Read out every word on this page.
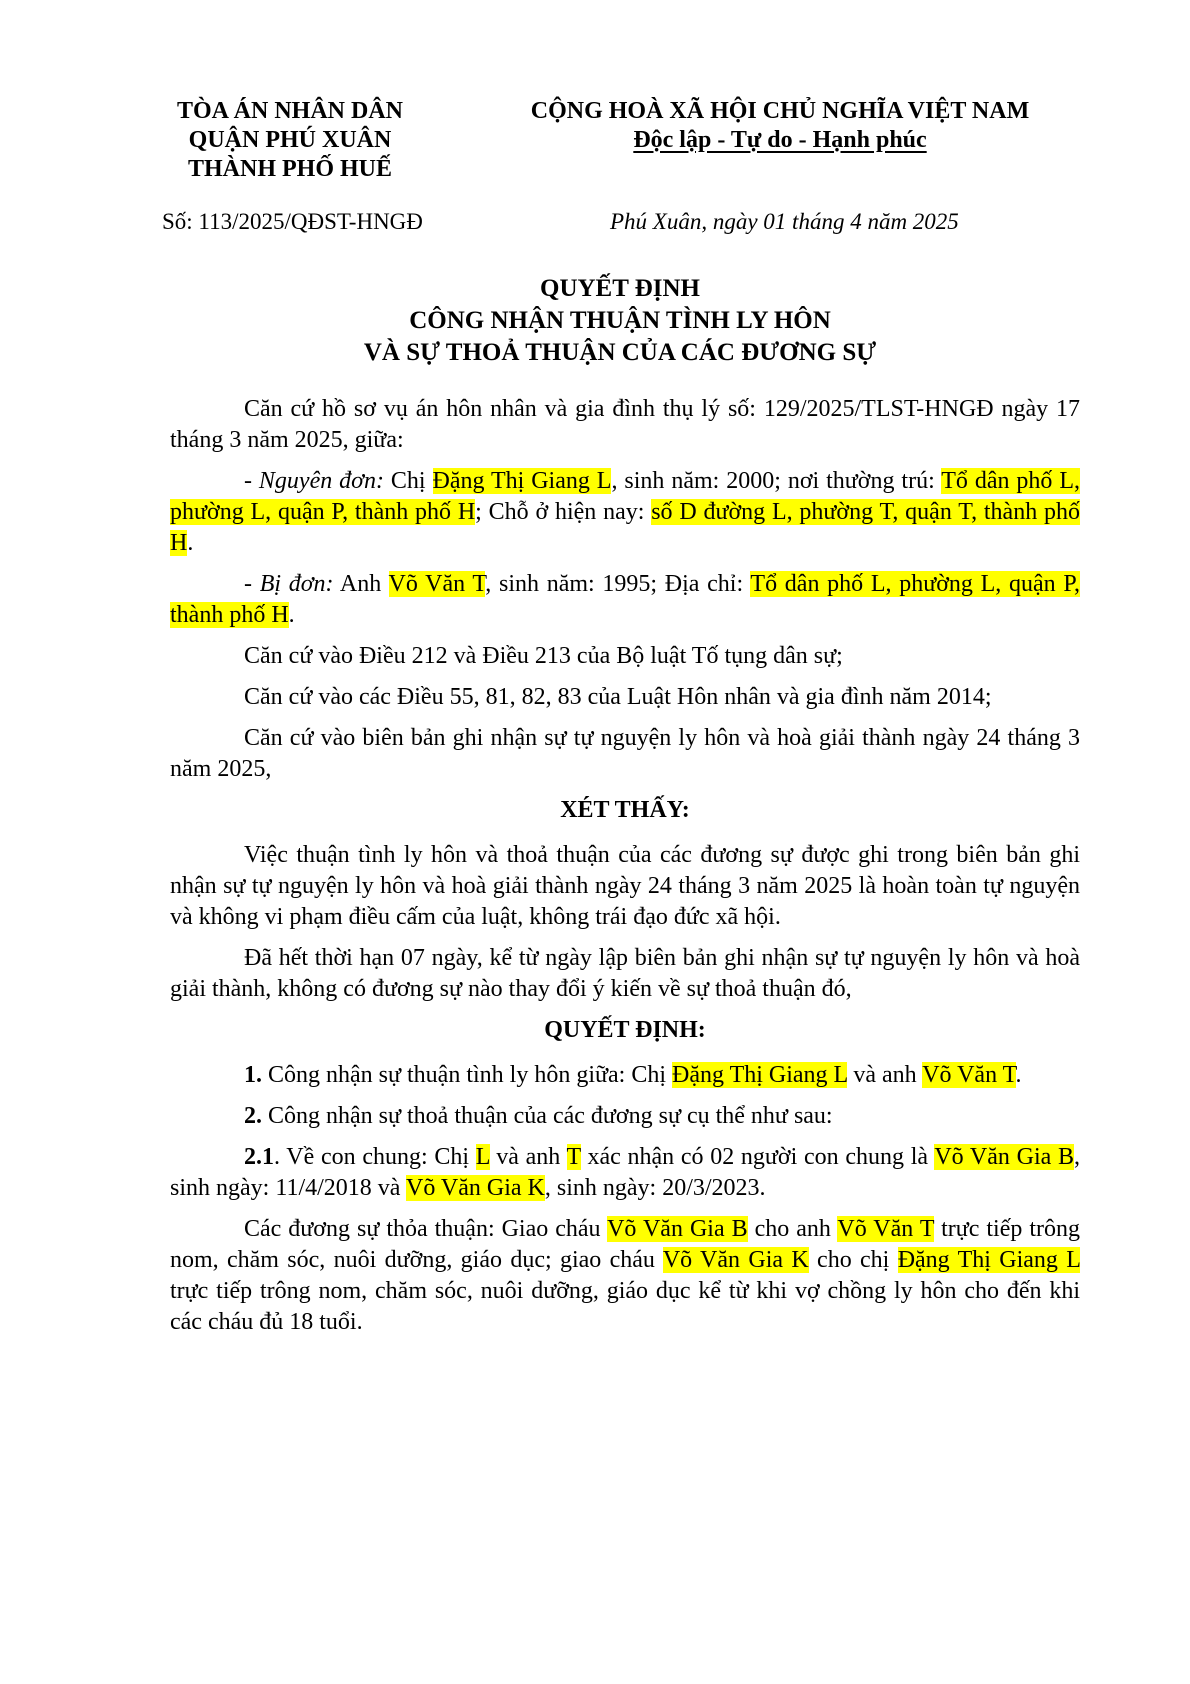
TÒA ÁN NHÂN DÂN
QUẬN PHÚ XUÂN
THÀNH PHỐ HUẾ
CỘNG HOÀ XÃ HỘI CHỦ NGHĨA VIỆT NAM
Độc lập - Tự do - Hạnh phúc
Số: 113/2025/QĐST-HNGĐ	Phú Xuân, ngày 01 tháng 4 năm 2025
QUYẾT ĐỊNH
CÔNG NHẬN THUẬN TÌNH LY HÔN
VÀ SỰ THOẢ THUẬN CỦA CÁC ĐƯƠNG SỰ

Căn cứ hồ sơ vụ án hôn nhân và gia đình thụ lý số: 129/2025/TLST-HNGĐ ngày 17 tháng 3 năm 2025, giữa:

- Nguyên đơn: Chị Đặng Thị Giang L, sinh năm: 2000; nơi thường trú: Tổ dân phố L, phường L, quận P, thành phố H; Chỗ ở hiện nay: số D đường L, phường T, quận T, thành phố H.

- Bị đơn: Anh Võ Văn T, sinh năm: 1995; Địa chỉ: Tổ dân phố L, phường L, quận P, thành phố H.

Căn cứ vào Điều 212 và Điều 213 của Bộ luật Tố tụng dân sự;

Căn cứ vào các Điều 55, 81, 82, 83 của Luật Hôn nhân và gia đình năm 2014;

Căn cứ vào biên bản ghi nhận sự tự nguyện ly hôn và hoà giải thành ngày 24 tháng 3 năm 2025,

XÉT THẤY:

Việc thuận tình ly hôn và thoả thuận của các đương sự được ghi trong biên bản ghi nhận sự tự nguyện ly hôn và hoà giải thành ngày 24 tháng 3 năm 2025 là hoàn toàn tự nguyện và không vi phạm điều cấm của luật, không trái đạo đức xã hội.

Đã hết thời hạn 07 ngày, kể từ ngày lập biên bản ghi nhận sự tự nguyện ly hôn và hoà giải thành, không có đương sự nào thay đổi ý kiến về sự thoả thuận đó,

QUYẾT ĐỊNH:

1. Công nhận sự thuận tình ly hôn giữa: Chị Đặng Thị Giang L và anh Võ Văn T.

2. Công nhận sự thoả thuận của các đương sự cụ thể như sau:

2.1. Về con chung: Chị L và anh T xác nhận có 02 người con chung là Võ Văn Gia B, sinh ngày: 11/4/2018 và Võ Văn Gia K, sinh ngày: 20/3/2023.

Các đương sự thỏa thuận: Giao cháu Võ Văn Gia B cho anh Võ Văn T trực tiếp trông nom, chăm sóc, nuôi dưỡng, giáo dục; giao cháu Võ Văn Gia K cho chị Đặng Thị Giang L trực tiếp trông nom, chăm sóc, nuôi dưỡng, giáo dục kể từ khi vợ chồng ly hôn cho đến khi các cháu đủ 18 tuổi.
